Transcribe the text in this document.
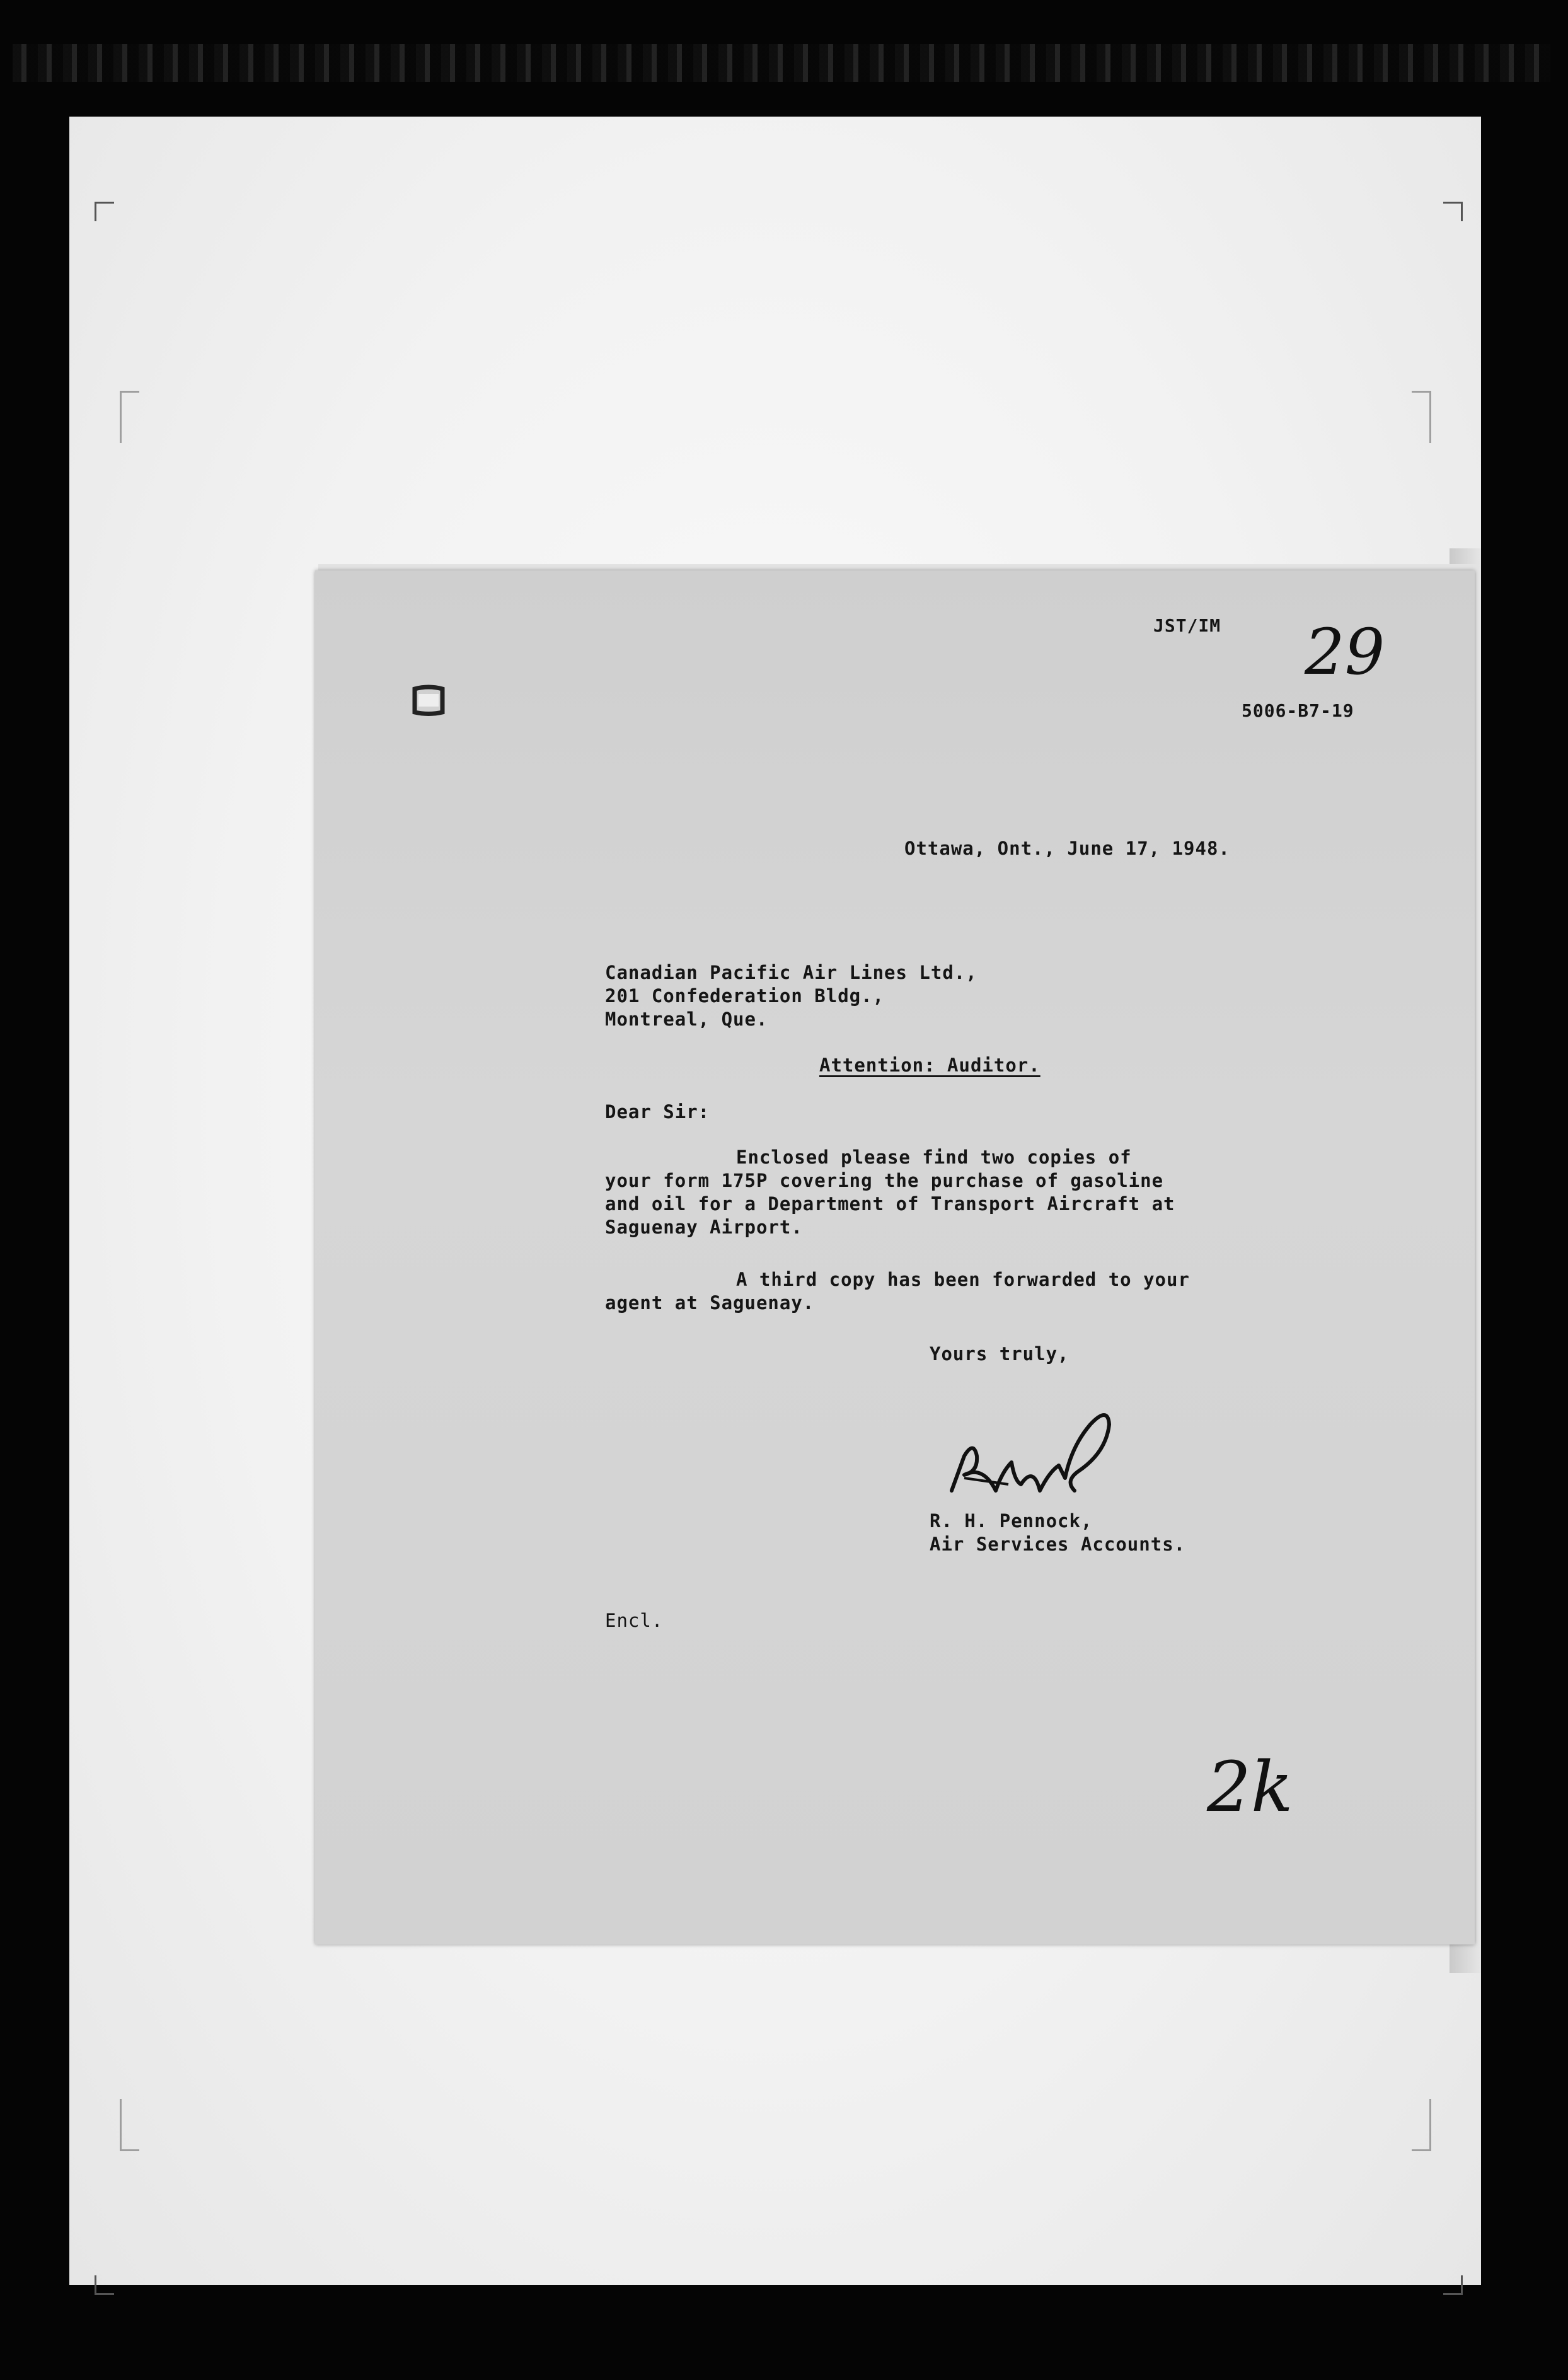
JST/IM 29

5006-B7-19

Ottawa, Ont., June 17, 1948.

Canadian Pacific Air Lines Ltd.,

201 Confederation Bldg.,

Montreal, Que.

Attention: Auditor.

Dear Sir:

Enclosed please find two copies of

your form 175P covering the purchase of gasoline

and oil for a Department of Transport Aircraft at

Saguenay Airport.

A third copy has been forwarded to your

agent at Saguenay.

Yours truly,

R. H. Pennock,

Air Services Accounts.

Encl.

2k
